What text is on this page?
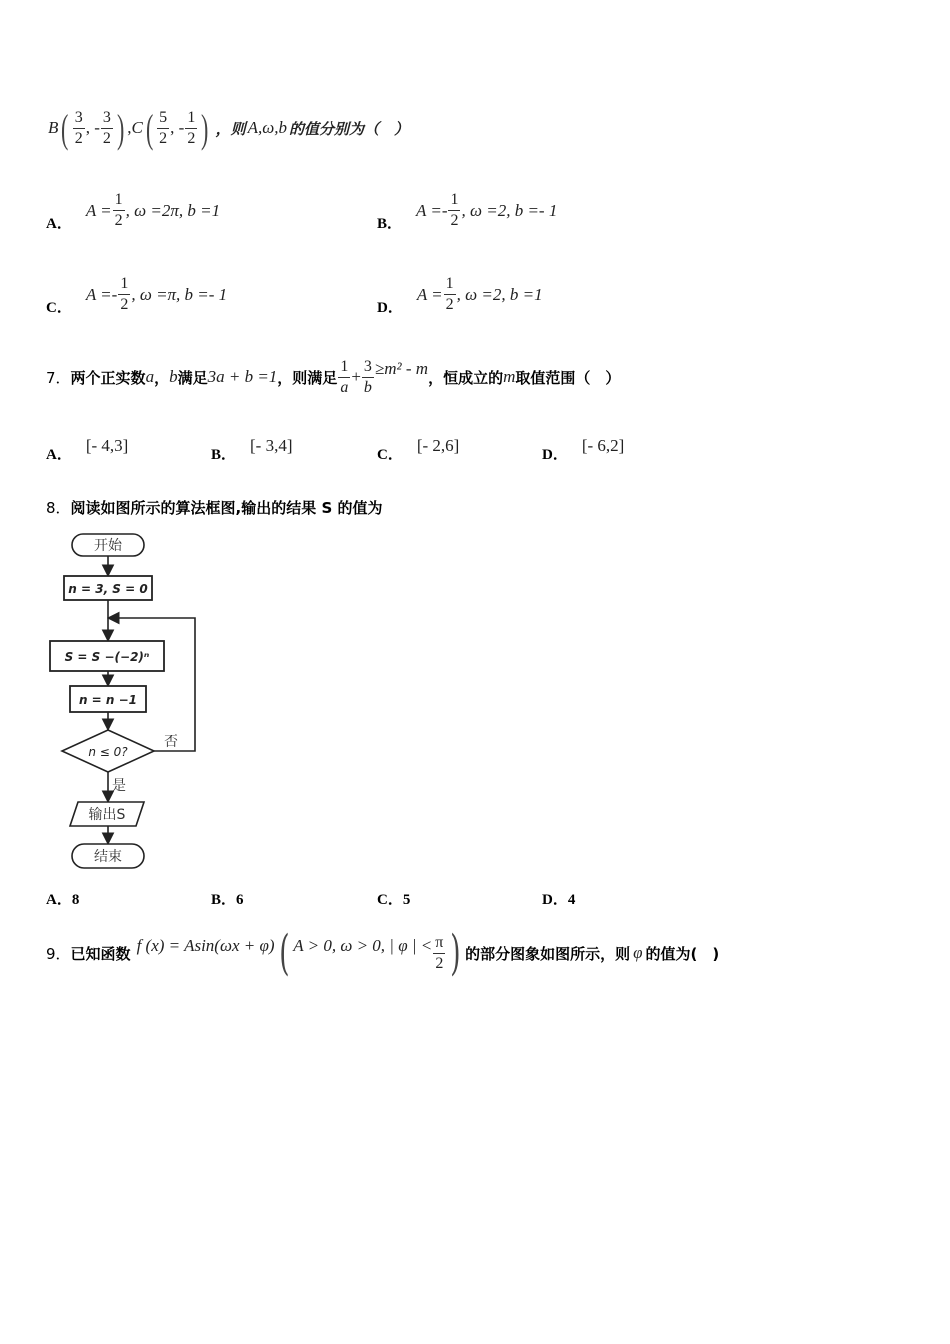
B ( $\frac{3}{2}$ , - $\frac{3}{2}$ ) , C ( $\frac{5}{2}$ , - $\frac{1}{2}$ ) ，则 A,ω,b 的值分别为（　）
A．
$A = \frac{1}{2}$ , ω =2π, b =1
B．
$A =- \frac{1}{2}$ , ω =2, b =- 1
C．
$A =- \frac{1}{2}$ , ω =π, b =- 1
D．
$A = \frac{1}{2}$ , ω =2, b =1
7． 两个正实数 a ， b 满足 3a + b =1 ，则满足 $\frac{1}{a} + \frac{3}{b} \ge m^2 - m$ ，恒成立的 m 取值范围（　）
A． [- 4,3]	B． [- 3,4]	C． [- 2,6]	D． [- 6,2]
8．阅读如图所示的算法框图,输出的结果 S 的值为
开始
n = 3, S = 0
S = S −(−2)ⁿ
n = n −1
n ≤ 0?
否
是
输出S
结束
A．8	B．6	C．5	D．4
9． 已知函数 f (x) = Asin(ωx + φ) ( A > 0, ω > 0, | φ | < $\frac{\pi}{2}$ ) 的部分图象如图所示，则 φ 的值为(　)
